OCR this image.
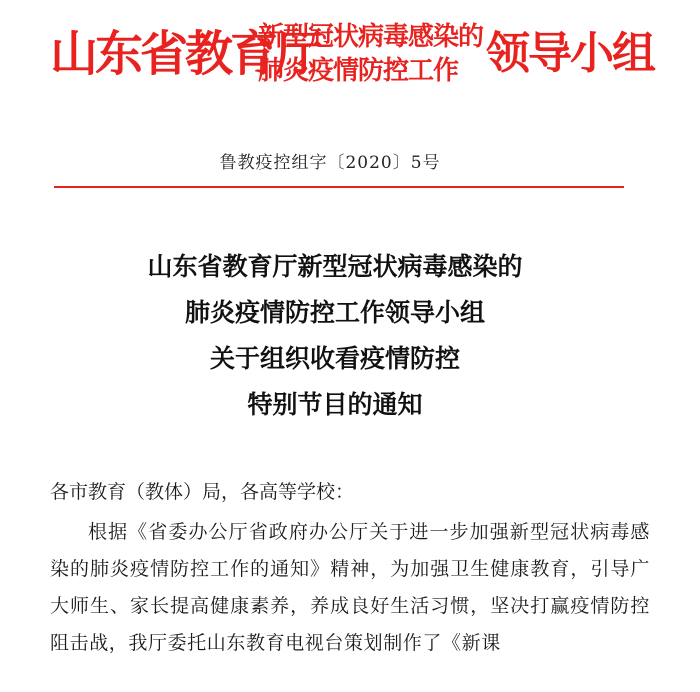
山东省教育厅
新型冠状病毒感染的
肺炎疫情防控工作 领导小组
鲁教疫控组字〔2020〕5号
山东省教育厅新型冠状病毒感染的
肺炎疫情防控工作领导小组
关于组织收看疫情防控
特别节目的通知
各市教育（教体）局，各高等学校：
根据《省委办公厅省政府办公厅关于进一步加强新型冠状病毒感染的肺炎疫情防控工作的通知》精神，为加强卫生健康教育，引导广大师生、家长提高健康素养，养成良好生活习惯，坚决打赢疫情防控阻击战，我厅委托山东教育电视台策划制作了《新课
